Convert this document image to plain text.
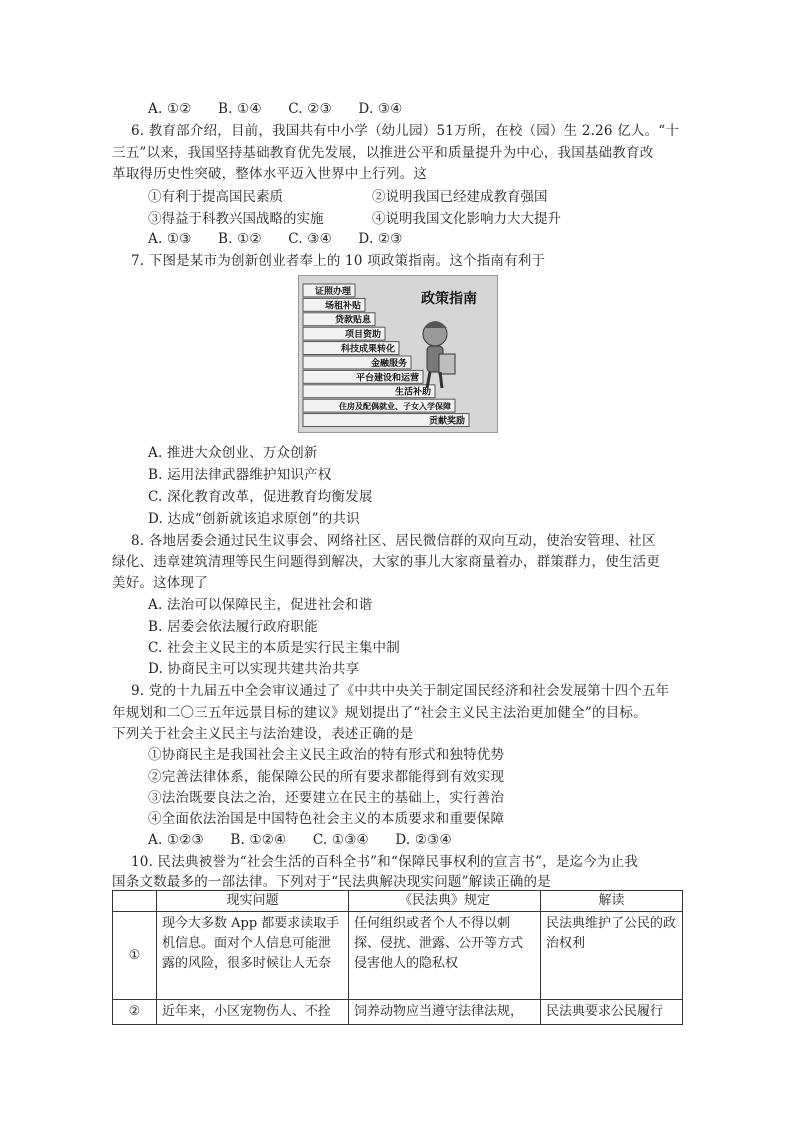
A. ①② B. ①④ C. ②③ D. ③④
6. 教育部介绍，目前，我国共有中小学（幼儿园）51万所，在校（园）生 2.26 亿人。“十
三五”以来，我国坚持基础教育优先发展，以推进公平和质量提升为中心，我国基础教育改
革取得历史性突破，整体水平迈入世界中上行列。这
①有利于提高国民素质	②说明我国已经建成教育强国
③得益于科教兴国战略的实施	④说明我国文化影响力大大提升
A. ①③ B. ①② C. ③④ D. ②③
7. 下图是某市为创新创业者奉上的 10 项政策指南。这个指南有利于
证照办理
场租补贴
贷款贴息
项目资助
科技成果转化
金融服务
平台建设和运营
生活补助
住房及配偶就业、子女入学保障
贡献奖励
政策指南
A. 推进大众创业、万众创新
B. 运用法律武器维护知识产权
C. 深化教育改革，促进教育均衡发展
D. 达成“创新就该追求原创”的共识
8. 各地居委会通过民生议事会、网络社区、居民微信群的双向互动，使治安管理、社区
绿化、违章建筑清理等民生问题得到解决，大家的事儿大家商量着办，群策群力，使生活更
美好。这体现了
A. 法治可以保障民主，促进社会和谐
B. 居委会依法履行政府职能
C. 社会主义民主的本质是实行民主集中制
D. 协商民主可以实现共建共治共享
9. 党的十九届五中全会审议通过了《中共中央关于制定国民经济和社会发展第十四个五年
年规划和二〇三五年远景目标的建议》规划提出了“社会主义民主法治更加健全”的目标。
下列关于社会主义民主与法治建设，表述正确的是
①协商民主是我国社会主义民主政治的特有形式和独特优势
②完善法律体系，能保障公民的所有要求都能得到有效实现
③法治既要良法之治，还要建立在民主的基础上，实行善治
④全面依法治国是中国特色社会主义的本质要求和重要保障
A. ①②③ B. ①②④ C. ①③④ D. ②③④
10. 民法典被誉为“社会生活的百科全书”和“保障民事权利的宣言书”，是迄今为止我
国条文数最多的一部法律。下列对于“民法典解决现实问题”解读正确的是
	现实问题	《民法典》规定	解读
①	现今大多数 App 都要求读取手机信息。面对个人信息可能泄露的风险，很多时候让人无奈	任何组织或者个人不得以刺探、侵扰、泄露、公开等方式侵害他人的隐私权	民法典维护了公民的政治权利
②	近年来，小区宠物伤人、不拴	饲养动物应当遵守法律法规，	民法典要求公民履行
